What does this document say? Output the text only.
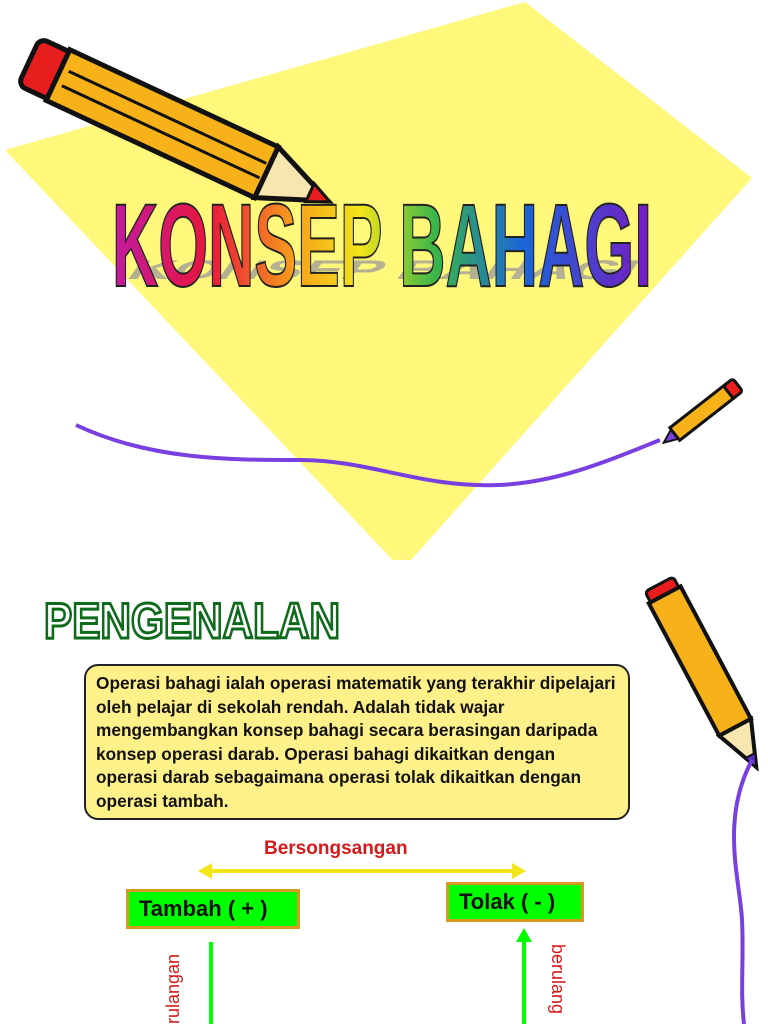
KONSEP BAHAGI
KONSEP BAHAGI
PENGENALAN
Operasi bahagi ialah operasi matematik yang terakhir dipelajari oleh pelajar di sekolah rendah. Adalah tidak wajar mengembangkan konsep bahagi secara berasingan daripada konsep operasi darab. Operasi bahagi dikaitkan dengan operasi darab sebagaimana operasi tolak dikaitkan dengan operasi tambah.
Bersongsangan
Tambah ( + )	Tolak ( - )
rulangan	berulang
